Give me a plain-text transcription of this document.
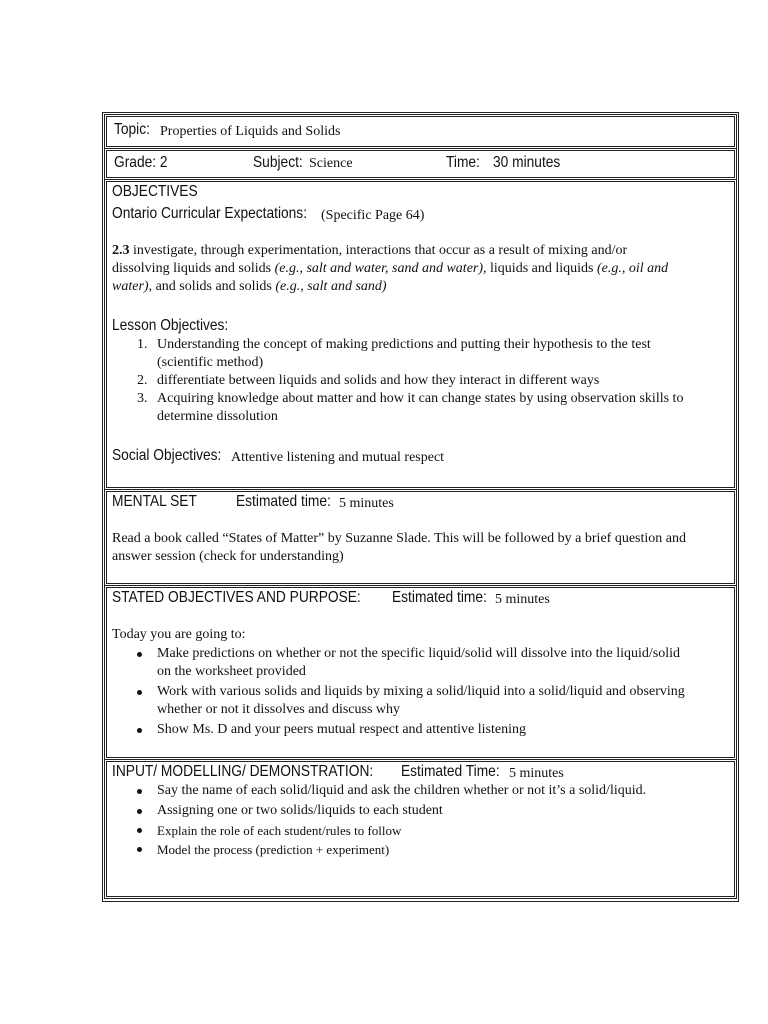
Topic: Properties of Liquids and Solids
Grade: 2	Subject: Science	Time: 30 minutes
OBJECTIVES
Ontario Curricular Expectations: (Specific Page 64)
2.3 investigate, through experimentation, interactions that occur as a result of mixing and/or
dissolving liquids and solids (e.g., salt and water, sand and water), liquids and liquids (e.g., oil and
water), and solids and solids (e.g., salt and sand)
Lesson Objectives:
1. Understanding the concept of making predictions and putting their hypothesis to the test
(scientific method)
2. differentiate between liquids and solids and how they interact in different ways
3. Acquiring knowledge about matter and how it can change states by using observation skills to
determine dissolution
Social Objectives: Attentive listening and mutual respect
MENTAL SET Estimated time: 5 minutes
Read a book called “States of Matter” by Suzanne Slade. This will be followed by a brief question and
answer session (check for understanding)
STATED OBJECTIVES AND PURPOSE: Estimated time: 5 minutes
Today you are going to:
Make predictions on whether or not the specific liquid/solid will dissolve into the liquid/solid
on the worksheet provided
Work with various solids and liquids by mixing a solid/liquid into a solid/liquid and observing
whether or not it dissolves and discuss why
Show Ms. D and your peers mutual respect and attentive listening
INPUT/ MODELLING/ DEMONSTRATION: Estimated Time: 5 minutes
Say the name of each solid/liquid and ask the children whether or not it’s a solid/liquid.
Assigning one or two solids/liquids to each student
Explain the role of each student/rules to follow
Model the process (prediction + experiment)
